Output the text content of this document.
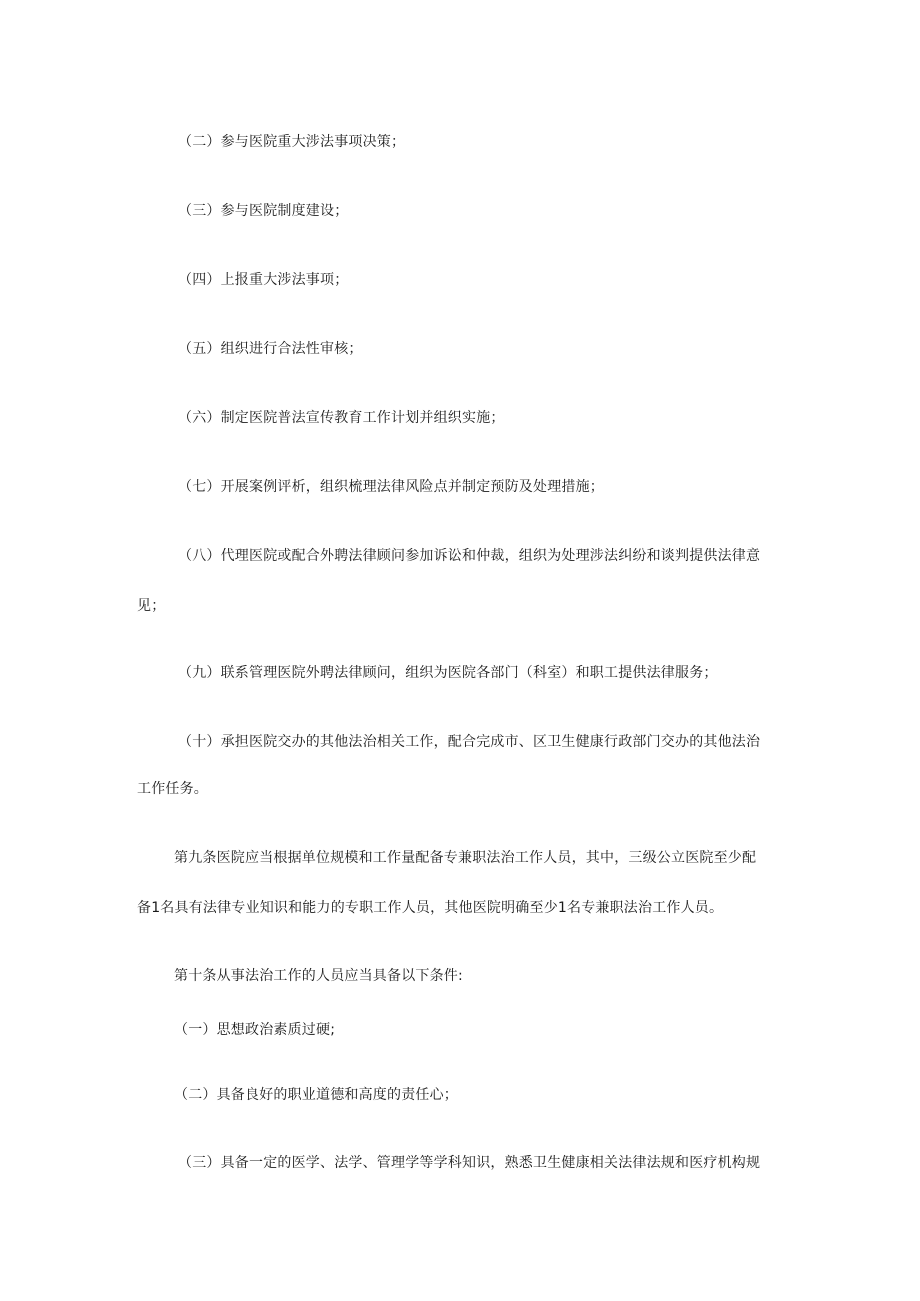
（二）参与医院重大涉法事项决策；
（三）参与医院制度建设；
（四）上报重大涉法事项；
（五）组织进行合法性审核；
（六）制定医院普法宣传教育工作计划并组织实施；
（七）开展案例评析，组织梳理法律风险点并制定预防及处理措施；
（八）代理医院或配合外聘法律顾问参加诉讼和仲裁，组织为处理涉法纠纷和谈判提供法律意
见；
（九）联系管理医院外聘法律顾问，组织为医院各部门（科室）和职工提供法律服务；
（十）承担医院交办的其他法治相关工作，配合完成市、区卫生健康行政部门交办的其他法治
工作任务。
第九条医院应当根据单位规模和工作量配备专兼职法治工作人员，其中，三级公立医院至少配
备1名具有法律专业知识和能力的专职工作人员，其他医院明确至少1名专兼职法治工作人员。
第十条从事法治工作的人员应当具备以下条件:
（一）思想政治素质过硬;
（二）具备良好的职业道德和高度的责任心；
（三）具备一定的医学、法学、管理学等学科知识，熟悉卫生健康相关法律法规和医疗机构规
